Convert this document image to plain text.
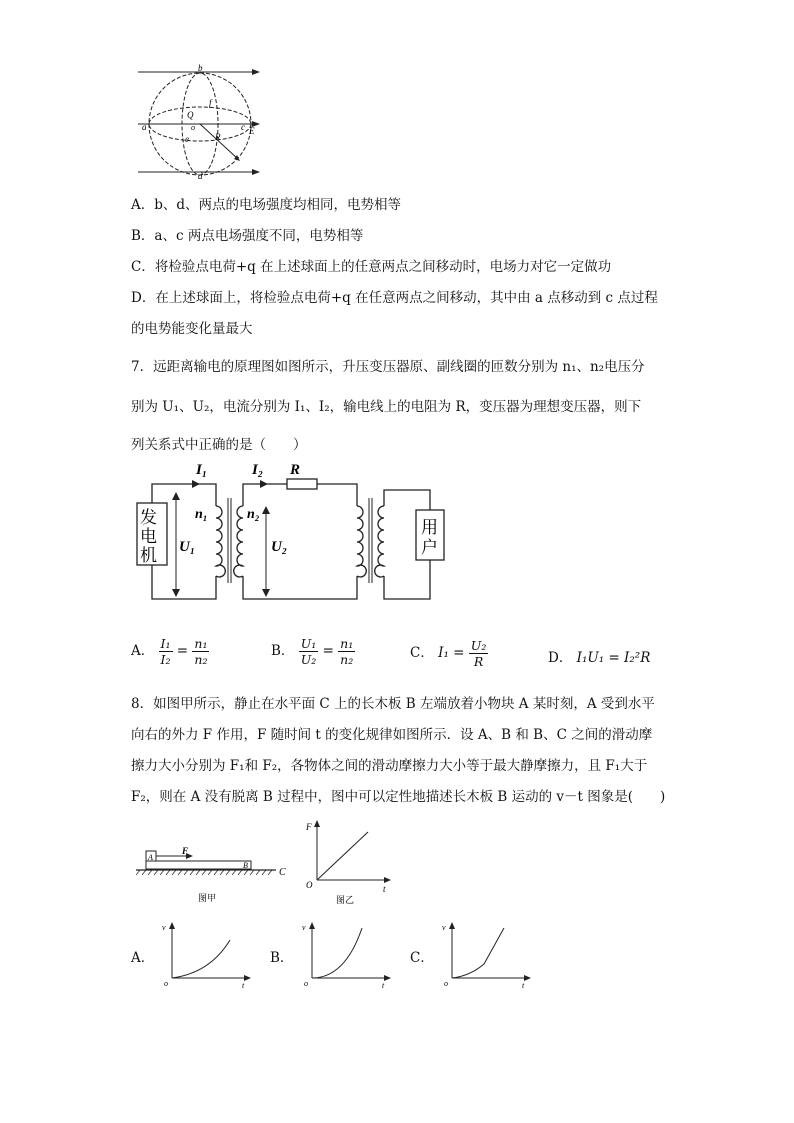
b
f
Q
o
a	c E
e	R
d
A．b、d、两点的电场强度均相同，电势相等
B．a、c 两点电场强度不同，电势相等
C．将检验点电荷+q 在上述球面上的任意两点之间移动时，电场力对它一定做功
D．在上述球面上，将检验点电荷+q 在任意两点之间移动，其中由 a 点移动到 c 点过程
的电势能变化量最大
7．远距离输电的原理图如图所示，升压变压器原、副线圈的匝数分别为 n₁、n₂电压分
别为 U₁、U₂，电流分别为 I₁、I₂，输电线上的电阻为 R，变压器为理想变压器，则下
列关系式中正确的是（　　）
发
电
机
用
户
I₁	I₂ R
n₁	n₂
U₁	U₂
A． $\frac{\text{I₁}}{\text{I₂}} = \frac{\text{n₁}}{\text{n₂}}$	B． $\frac{\text{U₁}}{\text{U₂}} = \frac{\text{n₁}}{\text{n₂}}$	C． $I_1 = \frac{\text{U₂}}{R}$	D． I₁U₁ = I₂²R
8．如图甲所示，静止在水平面 C 上的长木板 B 左端放着小物块 A 某时刻，A 受到水平
向右的外力 F 作用，F 随时间 t 的变化规律如图所示．设 A、B 和 B、C 之间的滑动摩
擦力大小分别为 F₁和 F₂，各物体之间的滑动摩擦力大小等于最大静摩擦力，且 F₁大于
F₂，则在 A 没有脱离 B 过程中，图中可以定性地描述长木板 B 运动的 v－t 图象是(　　)
A
F
B
C
图甲
F
O	t
图乙
A．
v
o	t
B．
v
o	t
C．
v
o	t
